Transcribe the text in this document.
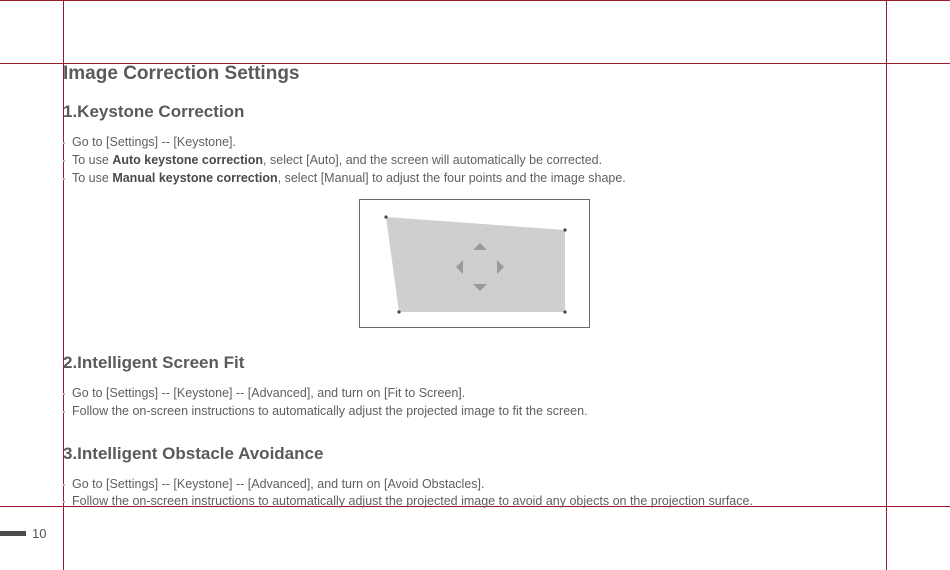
Image Correction Settings
1.Keystone Correction
Go to [Settings] -- [Keystone].
To use Auto keystone correction, select [Auto], and the screen will automatically be corrected.
To use Manual keystone correction, select [Manual] to adjust the four points and the image shape.
2.Intelligent Screen Fit
Go to [Settings] -- [Keystone] -- [Advanced], and turn on [Fit to Screen].
Follow the on-screen instructions to automatically adjust the projected image to fit the screen.
3.Intelligent Obstacle Avoidance
Go to [Settings] -- [Keystone] -- [Advanced], and turn on [Avoid Obstacles].
Follow the on-screen instructions to automatically adjust the projected image to avoid any objects on the projection surface.
10
